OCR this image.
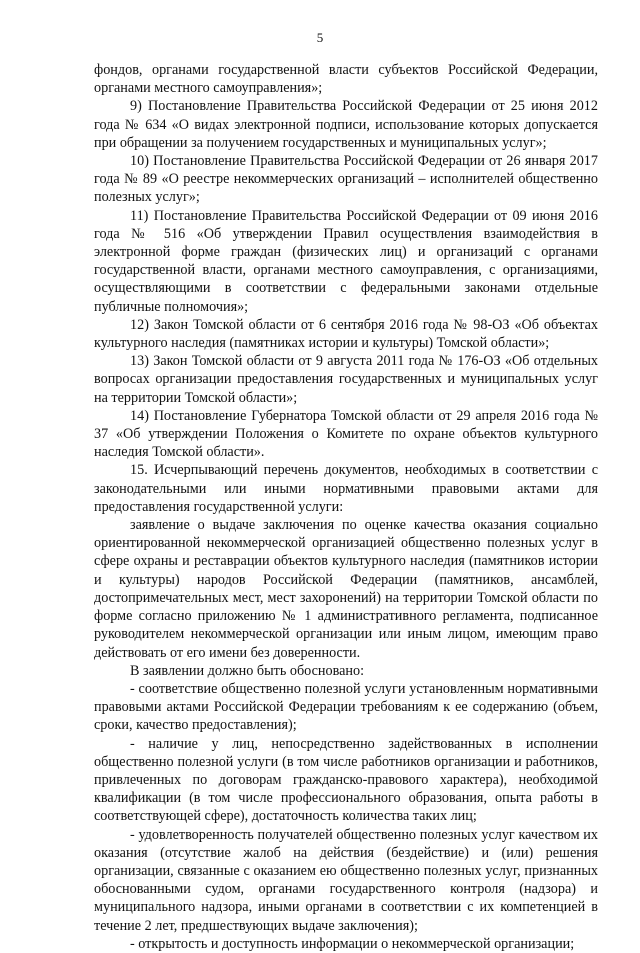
5

фондов, органами государственной власти субъектов Российской Федерации, органами местного самоуправления»;

9) Постановление Правительства Российской Федерации от 25 июня 2012 года № 634 «О видах электронной подписи, использование которых допускается при обращении за получением государственных и муниципальных услуг»;

10) Постановление Правительства Российской Федерации от 26 января 2017 года № 89 «О реестре некоммерческих организаций – исполнителей общественно полезных услуг»;

11) Постановление Правительства Российской Федерации от 09 июня 2016 года № 516 «Об утверждении Правил осуществления взаимодействия в электронной форме граждан (физических лиц) и организаций с органами государственной власти, органами местного самоуправления, с организациями, осуществляющими в соответствии с федеральными законами отдельные публичные полномочия»;

12) Закон Томской области от 6 сентября 2016 года № 98-ОЗ «Об объектах культурного наследия (памятниках истории и культуры) Томской области»;

13) Закон Томской области от 9 августа 2011 года № 176-ОЗ «Об отдельных вопросах организации предоставления государственных и муниципальных услуг на территории Томской области»;

14) Постановление Губернатора Томской области от 29 апреля 2016 года № 37 «Об утверждении Положения о Комитете по охране объектов культурного наследия Томской области».

15. Исчерпывающий перечень документов, необходимых в соответствии с законодательными или иными нормативными правовыми актами для предоставления государственной услуги:

заявление о выдаче заключения по оценке качества оказания социально ориентированной некоммерческой организацией общественно полезных услуг в сфере охраны и реставрации объектов культурного наследия (памятников истории и культуры) народов Российской Федерации (памятников, ансамблей, достопримечательных мест, мест захоронений) на территории Томской области по форме согласно приложению № 1 административного регламента, подписанное руководителем некоммерческой организации или иным лицом, имеющим право действовать от его имени без доверенности.

В заявлении должно быть обосновано:

- соответствие общественно полезной услуги установленным нормативными правовыми актами Российской Федерации требованиям к ее содержанию (объем, сроки, качество предоставления);

- наличие у лиц, непосредственно задействованных в исполнении общественно полезной услуги (в том числе работников организации и работников, привлеченных по договорам гражданско-правового характера), необходимой квалификации (в том числе профессионального образования, опыта работы в соответствующей сфере), достаточность количества таких лиц;

- удовлетворенность получателей общественно полезных услуг качеством их оказания (отсутствие жалоб на действия (бездействие) и (или) решения организации, связанные с оказанием ею общественно полезных услуг, признанных обоснованными судом, органами государственного контроля (надзора) и муниципального надзора, иными органами в соответствии с их компетенцией в течение 2 лет, предшествующих выдаче заключения);

- открытость и доступность информации о некоммерческой организации;
